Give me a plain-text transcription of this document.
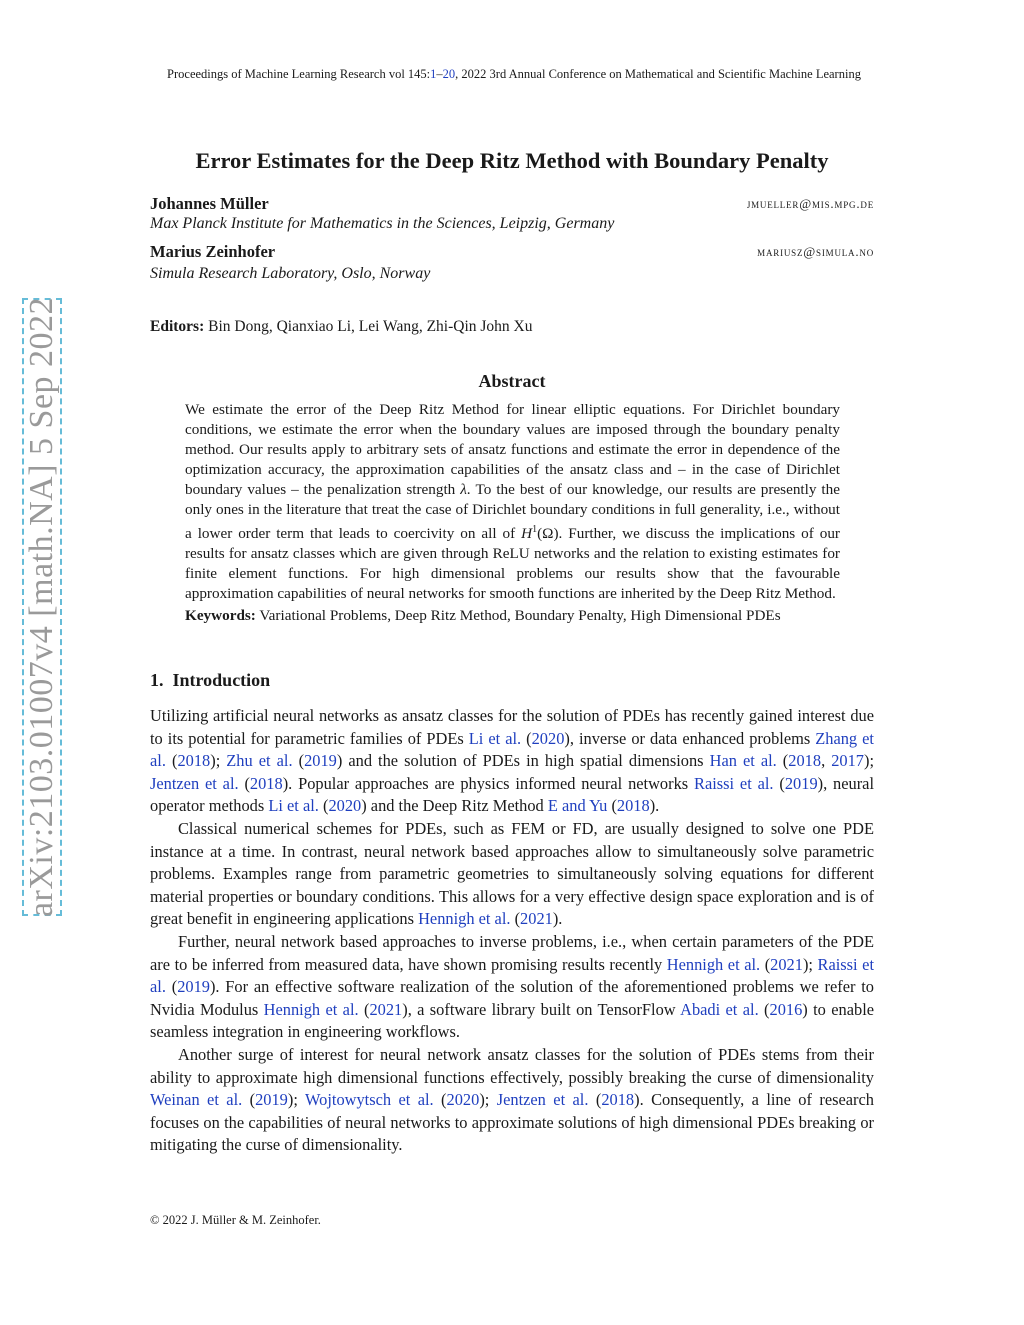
Proceedings of Machine Learning Research vol 145:1–20, 2022 3rd Annual Conference on Mathematical and Scientific Machine Learning
arXiv:2103.01007v4 [math.NA] 5 Sep 2022
Error Estimates for the Deep Ritz Method with Boundary Penalty
Johannes Müller	jmueller@mis.mpg.de
Max Planck Institute for Mathematics in the Sciences, Leipzig, Germany
Marius Zeinhofer	mariusz@simula.no
Simula Research Laboratory, Oslo, Norway
Editors: Bin Dong, Qianxiao Li, Lei Wang, Zhi-Qin John Xu
Abstract

We estimate the error of the Deep Ritz Method for linear elliptic equations. For Dirichlet boundary conditions, we estimate the error when the boundary values are imposed through the boundary penalty method. Our results apply to arbitrary sets of ansatz functions and estimate the error in dependence of the optimization accuracy, the approximation capabilities of the ansatz class and – in the case of Dirichlet boundary values – the penalization strength λ. To the best of our knowledge, our results are presently the only ones in the literature that treat the case of Dirichlet boundary conditions in full generality, i.e., without a lower order term that leads to coercivity on all of $H^1(\Omega)$. Further, we discuss the implications of our results for ansatz classes which are given through ReLU networks and the relation to existing estimates for finite element functions. For high dimensional problems our results show that the favourable approximation capabilities of neural networks for smooth functions are inherited by the Deep Ritz Method.

Keywords: Variational Problems, Deep Ritz Method, Boundary Penalty, High Dimensional PDEs

1. Introduction

Utilizing artificial neural networks as ansatz classes for the solution of PDEs has recently gained interest due to its potential for parametric families of PDEs Li et al. (2020), inverse or data enhanced problems Zhang et al. (2018); Zhu et al. (2019) and the solution of PDEs in high spatial dimensions Han et al. (2018, 2017); Jentzen et al. (2018). Popular approaches are physics informed neural networks Raissi et al. (2019), neural operator methods Li et al. (2020) and the Deep Ritz Method E and Yu (2018).

Classical numerical schemes for PDEs, such as FEM or FD, are usually designed to solve one PDE instance at a time. In contrast, neural network based approaches allow to simultaneously solve parametric problems. Examples range from parametric geometries to simultaneously solving equations for different material properties or boundary conditions. This allows for a very effective design space exploration and is of great benefit in engineering applications Hennigh et al. (2021).

Further, neural network based approaches to inverse problems, i.e., when certain parameters of the PDE are to be inferred from measured data, have shown promising results recently Hennigh et al. (2021); Raissi et al. (2019). For an effective software realization of the solution of the aforementioned problems we refer to Nvidia Modulus Hennigh et al. (2021), a software library built on TensorFlow Abadi et al. (2016) to enable seamless integration in engineering workflows.

Another surge of interest for neural network ansatz classes for the solution of PDEs stems from their ability to approximate high dimensional functions effectively, possibly breaking the curse of dimensionality Weinan et al. (2019); Wojtowytsch et al. (2020); Jentzen et al. (2018). Consequently, a line of research focuses on the capabilities of neural networks to approximate solutions of high dimensional PDEs breaking or mitigating the curse of dimensionality.

© 2022 J. Müller & M. Zeinhofer.
